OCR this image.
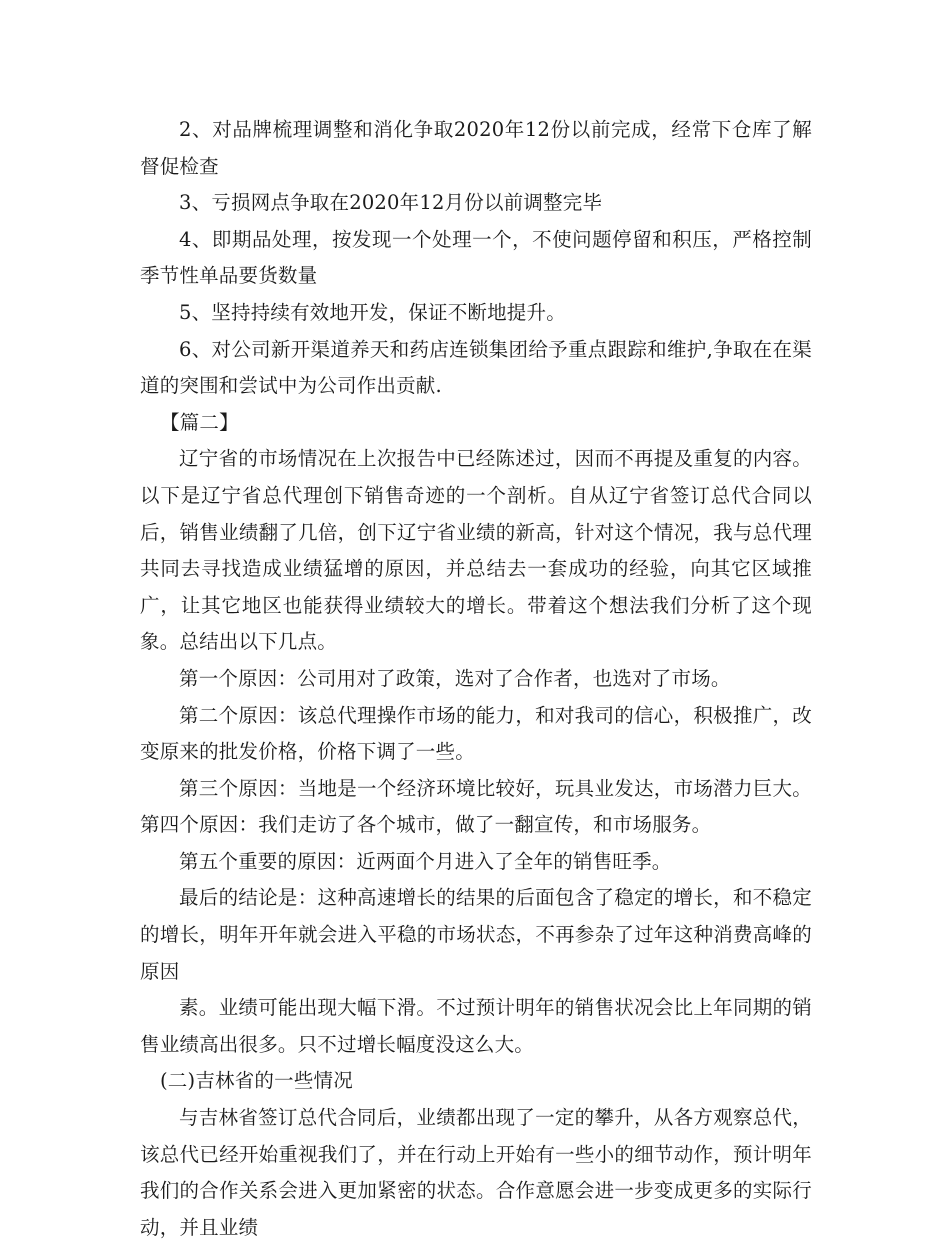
2、对品牌梳理调整和消化争取2020年12份以前完成，经常下仓库了解督促检查

3、亏损网点争取在2020年12月份以前调整完毕

4、即期品处理，按发现一个处理一个，不使问题停留和积压，严格控制季节性单品要货数量

5、坚持持续有效地开发，保证不断地提升。

6、对公司新开渠道养天和药店连锁集团给予重点跟踪和维护,争取在在渠道的突围和尝试中为公司作出贡献.

【篇二】

辽宁省的市场情况在上次报告中已经陈述过，因而不再提及重复的内容。以下是辽宁省总代理创下销售奇迹的一个剖析。自从辽宁省签订总代合同以后，销售业绩翻了几倍，创下辽宁省业绩的新高，针对这个情况，我与总代理共同去寻找造成业绩猛增的原因，并总结去一套成功的经验，向其它区域推广，让其它地区也能获得业绩较大的增长。带着这个想法我们分析了这个现象。总结出以下几点。

第一个原因：公司用对了政策，选对了合作者，也选对了市场。

第二个原因：该总代理操作市场的能力，和对我司的信心，积极推广，改变原来的批发价格，价格下调了一些。

第三个原因：当地是一个经济环境比较好，玩具业发达，市场潜力巨大。第四个原因：我们走访了各个城市，做了一翻宣传，和市场服务。

第五个重要的原因：近两面个月进入了全年的销售旺季。

最后的结论是：这种高速增长的结果的后面包含了稳定的增长，和不稳定的增长，明年开年就会进入平稳的市场状态，不再参杂了过年这种消费高峰的原因

素。业绩可能出现大幅下滑。不过预计明年的销售状况会比上年同期的销售业绩高出很多。只不过增长幅度没这么大。

(二)吉林省的一些情况

与吉林省签订总代合同后，业绩都出现了一定的攀升，从各方观察总代，该总代已经开始重视我们了，并在行动上开始有一些小的细节动作，预计明年我们的合作关系会进入更加紧密的状态。合作意愿会进一步变成更多的实际行动，并且业绩
